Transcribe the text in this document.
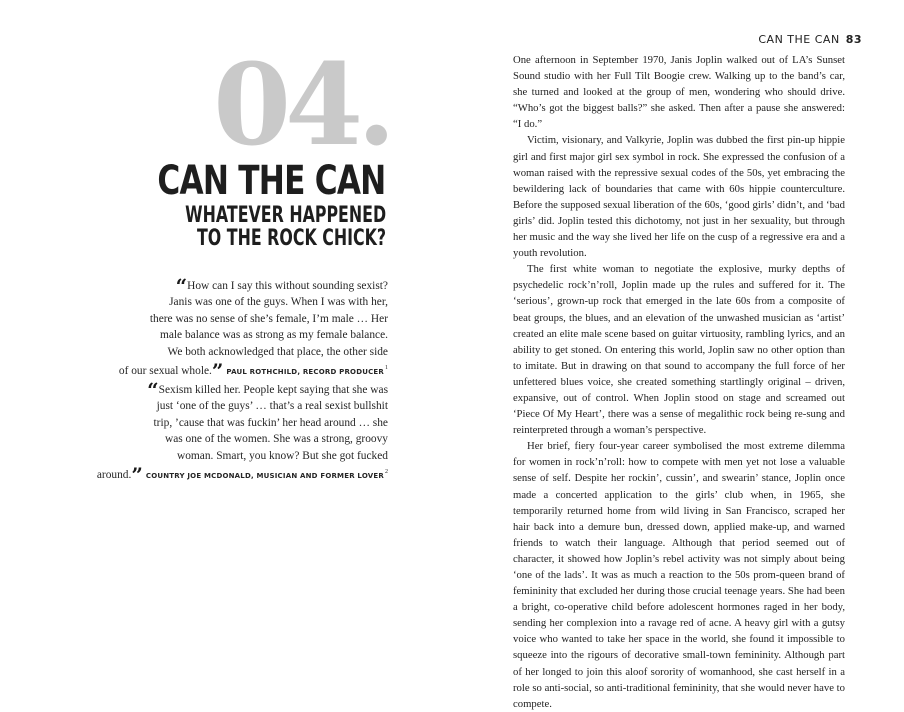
04.
CAN THE CAN
WHATEVER HAPPENED
TO THE ROCK CHICK?
“How can I say this without sounding sexist?
Janis was one of the guys. When I was with her,
there was no sense of she’s female, I’m male … Her
male balance was as strong as my female balance.
We both acknowledged that place, the other side
of our sexual whole.” PAUL ROTHCHILD, RECORD PRODUCER$^1$
“Sexism killed her. People kept saying that she was
just ‘one of the guys’ … that’s a real sexist bullshit
trip, ’cause that was fuckin’ her head around … she
was one of the women. She was a strong, groovy
woman. Smart, you know? But she got fucked
around.” COUNTRY JOE MCDONALD, MUSICIAN AND FORMER LOVER$^2$
CAN THE CAN 83

One afternoon in September 1970, Janis Joplin walked out of LA’s Sunset Sound studio with her Full Tilt Boogie crew. Walking up to the band’s car, she turned and looked at the group of men, wondering who should drive. “Who’s got the biggest balls?” she asked. Then after a pause she answered: “I do.”

Victim, visionary, and Valkyrie, Joplin was dubbed the first pin-up hippie girl and first major girl sex symbol in rock. She expressed the confusion of a woman raised with the repressive sexual codes of the 50s, yet embracing the bewildering lack of boundaries that came with 60s hippie counterculture. Before the supposed sexual liberation of the 60s, ‘good girls’ didn’t, and ‘bad girls’ did. Joplin tested this dichotomy, not just in her sexuality, but through her music and the way she lived her life on the cusp of a regressive era and a youth revolution.

The first white woman to negotiate the explosive, murky depths of psychedelic rock’n’roll, Joplin made up the rules and suffered for it. The ‘serious’, grown-up rock that emerged in the late 60s from a composite of beat groups, the blues, and an elevation of the unwashed musician as ‘artist’ created an elite male scene based on guitar virtuosity, rambling lyrics, and an ability to get stoned. On entering this world, Joplin saw no other option than to imitate. But in drawing on that sound to accompany the full force of her unfettered blues voice, she created something startlingly original – driven, expansive, out of control. When Joplin stood on stage and screamed out ‘Piece Of My Heart’, there was a sense of megalithic rock being re-sung and reinterpreted through a woman’s perspective.

Her brief, fiery four-year career symbolised the most extreme dilemma for women in rock’n’roll: how to compete with men yet not lose a valuable sense of self. Despite her rockin’, cussin’, and swearin’ stance, Joplin once made a concerted application to the girls’ club when, in 1965, she temporarily returned home from wild living in San Francisco, scraped her hair back into a demure bun, dressed down, applied make-up, and warned friends to watch their language. Although that period seemed out of character, it showed how Joplin’s rebel activity was not simply about being ‘one of the lads’. It was as much a reaction to the 50s prom-queen brand of femininity that excluded her during those crucial teenage years. She had been a bright, co-operative child before adolescent hormones raged in her body, sending her complexion into a ravage red of acne. A heavy girl with a gutsy voice who wanted to take her space in the world, she found it impossible to squeeze into the rigours of decorative small-town femininity. Although part of her longed to join this aloof sorority of womanhood, she cast herself in a role so anti-social, so anti-traditional femininity, that she would never have to compete.
